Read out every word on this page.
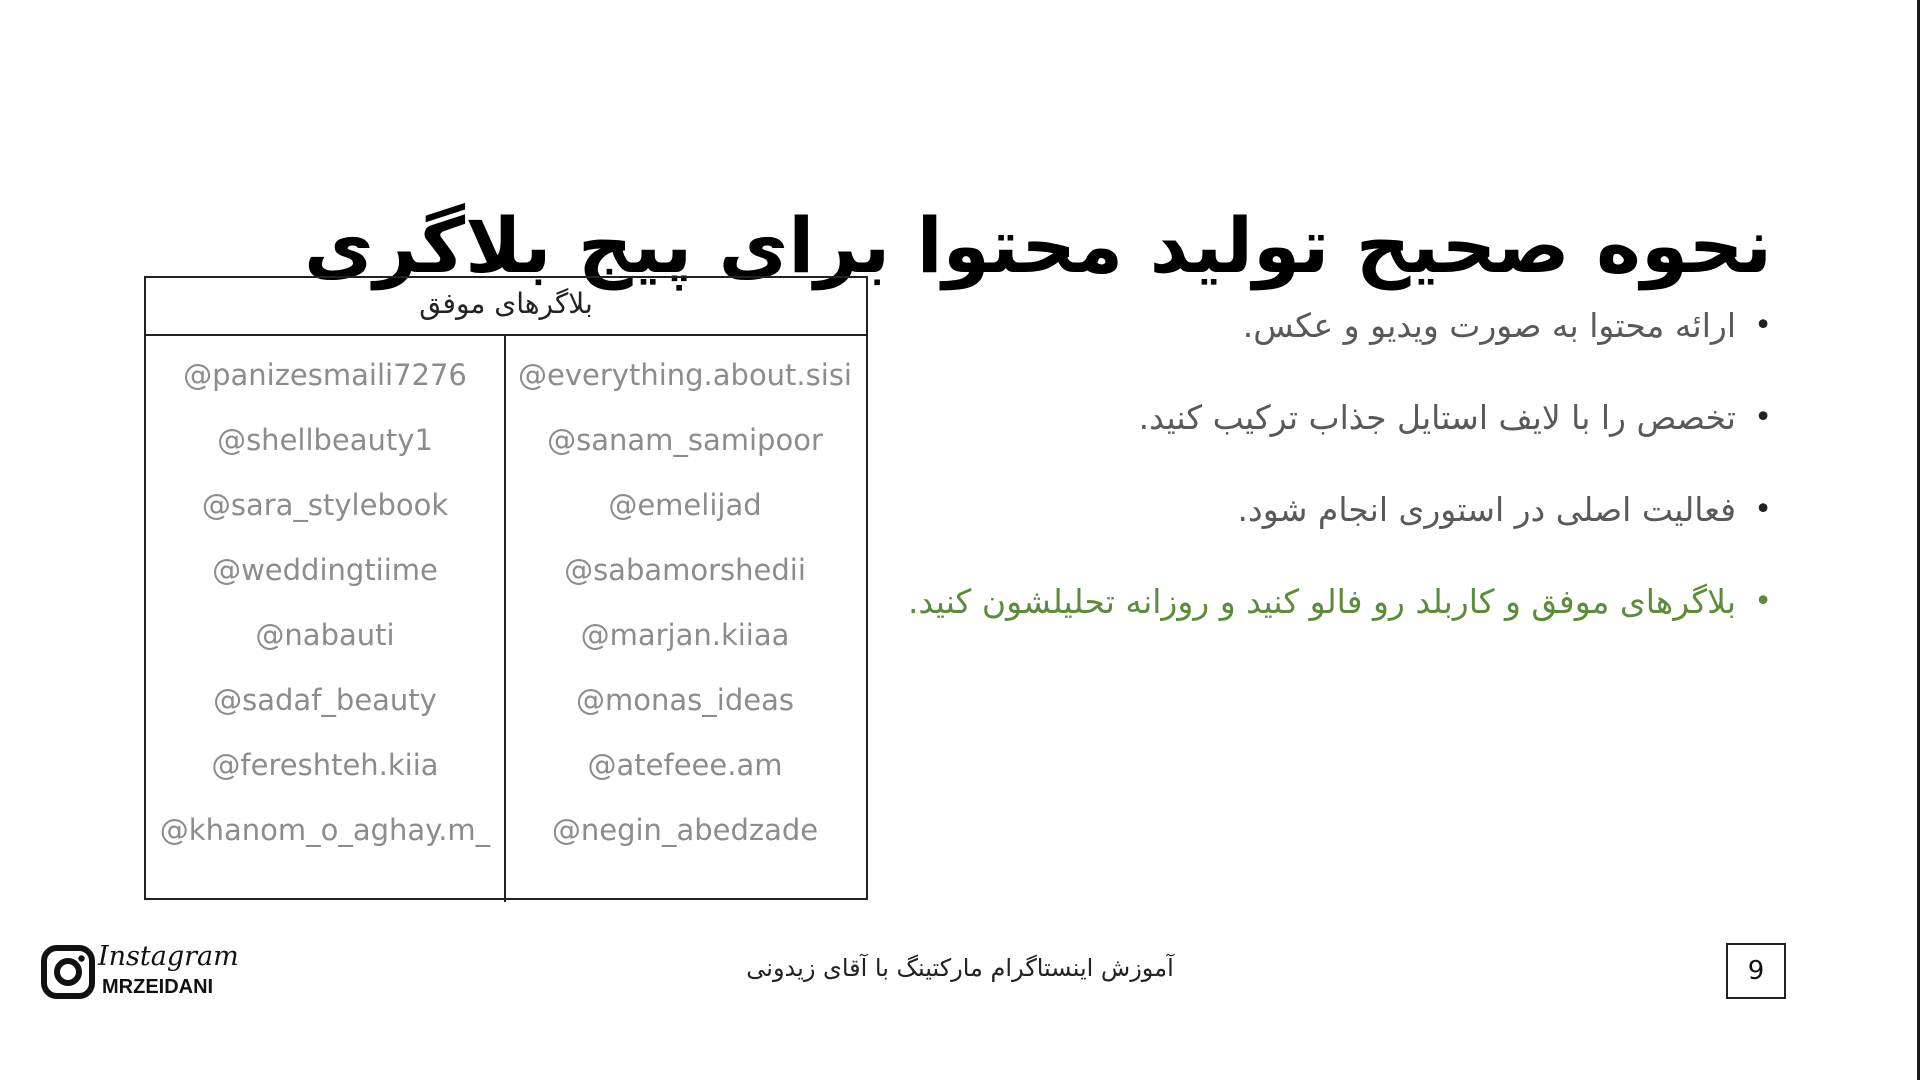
نحوه صحیح تولید محتوا برای پیج بلاگری
•
ارائه محتوا به صورت ویدیو و عکس.
•
تخصص را با لایف استایل جذاب ترکیب کنید.
•
فعالیت اصلی در استوری انجام شود.
•
بلاگرهای موفق و کاربلد رو فالو کنید و روزانه تحلیلشون کنید.
بلاگرهای موفق
@panizesmaili7276
@shellbeauty1
@sara_stylebook
@weddingtiime
@nabauti
@sadaf_beauty
@fereshteh.kiia
@khanom_o_aghay.m_
@everything.about.sisi
@sanam_samipoor
@emelijad
@sabamorshedii
@marjan.kiiaa
@monas_ideas
@atefeee.am
@negin_abedzade
Instagram
MRZEIDANI
آموزش اینستاگرام مارکتینگ با آقای زیدونی	9
